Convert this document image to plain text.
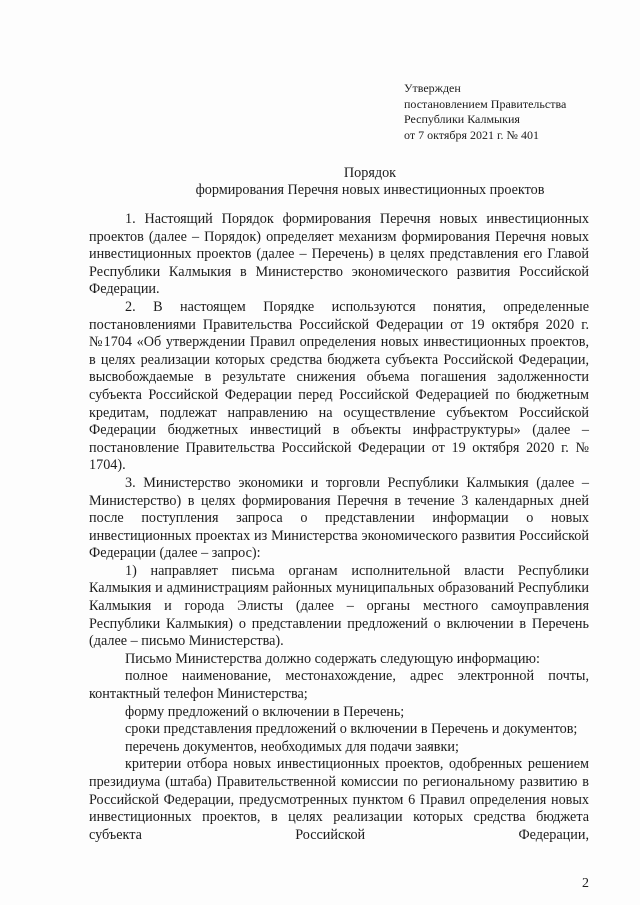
Утвержден
постановлением Правительства
Республики Калмыкия
от 7 октября 2021 г. № 401
Порядок
формирования Перечня новых инвестиционных проектов

1. Настоящий Порядок формирования Перечня новых инвестиционных проектов (далее – Порядок) определяет механизм формирования Перечня новых инвестиционных проектов (далее – Перечень) в целях представления его Главой Республики Калмыкия в Министерство экономического развития Российской Федерации.

2. В настоящем Порядке используются понятия, определенные постановлениями Правительства Российской Федерации от 19 октября 2020 г. №1704 «Об утверждении Правил определения новых инвестиционных проектов, в целях реализации которых средства бюджета субъекта Российской Федерации, высвобождаемые в результате снижения объема погашения задолженности субъекта Российской Федерации перед Российской Федерацией по бюджетным кредитам, подлежат направлению на осуществление субъектом Российской Федерации бюджетных инвестиций в объекты инфраструктуры» (далее – постановление Правительства Российской Федерации от 19 октября 2020 г. № 1704).

3. Министерство экономики и торговли Республики Калмыкия (далее – Министерство) в целях формирования Перечня в течение 3 календарных дней после поступления запроса о представлении информации о новых инвестиционных проектах из Министерства экономического развития Российской Федерации (далее – запрос):

1) направляет письма органам исполнительной власти Республики Калмыкия и администрациям районных муниципальных образований Республики Калмыкия и города Элисты (далее – органы местного самоуправления Республики Калмыкия) о представлении предложений о включении в Перечень (далее – письмо Министерства).

Письмо Министерства должно содержать следующую информацию:

полное наименование, местонахождение, адрес электронной почты, контактный телефон Министерства;

форму предложений о включении в Перечень;

сроки представления предложений о включении в Перечень и документов;

перечень документов, необходимых для подачи заявки;

критерии отбора новых инвестиционных проектов, одобренных решением президиума (штаба) Правительственной комиссии по региональному развитию в Российской Федерации, предусмотренных пунктом 6 Правил определения новых инвестиционных проектов, в целях реализации которых средства бюджета субъекта Российской Федерации,

2
